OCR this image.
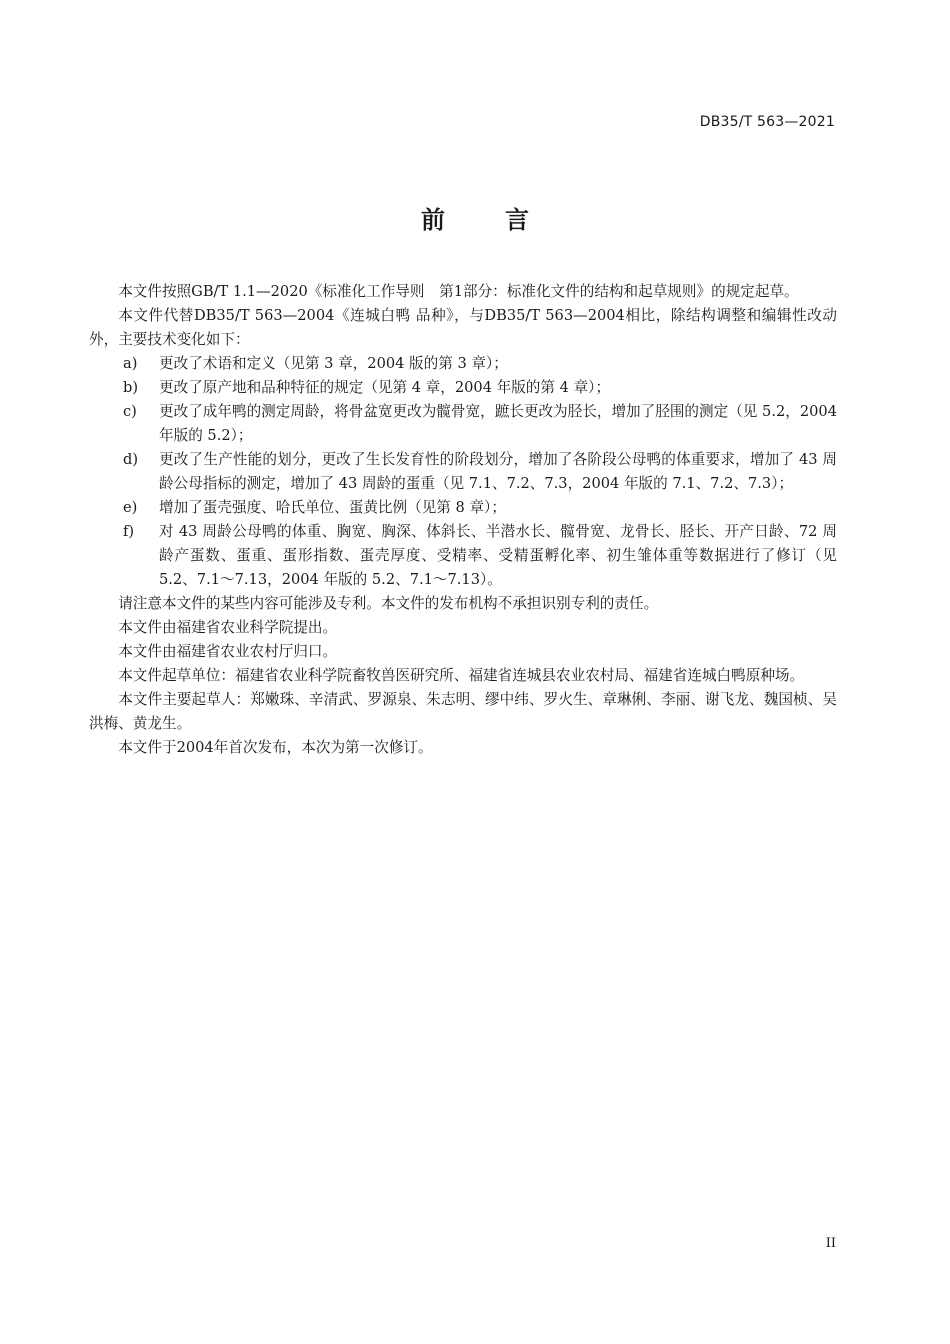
DB35/T 563—2021
前言

本文件按照GB/T 1.1—2020《标准化工作导则　第1部分：标准化文件的结构和起草规则》的规定起草。

本文件代替DB35/T 563—2004《连城白鸭 品种》，与DB35/T 563—2004相比，除结构调整和编辑性改动外，主要技术变化如下：

a) 更改了术语和定义（见第 3 章，2004 版的第 3 章）；
b) 更改了原产地和品种特征的规定（见第 4 章，2004 年版的第 4 章）；
c) 更改了成年鸭的测定周龄，将骨盆宽更改为髋骨宽，蹠长更改为胫长，增加了胫围的测定（见 5.2，2004 年版的 5.2）；
d) 更改了生产性能的划分，更改了生长发育性的阶段划分，增加了各阶段公母鸭的体重要求，增加了 43 周龄公母指标的测定，增加了 43 周龄的蛋重（见 7.1、7.2、7.3，2004 年版的 7.1、7.2、7.3）；
e) 增加了蛋壳强度、哈氏单位、蛋黄比例（见第 8 章）；
f) 对 43 周龄公母鸭的体重、胸宽、胸深、体斜长、半潜水长、髋骨宽、龙骨长、胫长、开产日龄、72 周龄产蛋数、蛋重、蛋形指数、蛋壳厚度、受精率、受精蛋孵化率、初生雏体重等数据进行了修订（见 5.2、7.1～7.13，2004 年版的 5.2、7.1～7.13）。

请注意本文件的某些内容可能涉及专利。本文件的发布机构不承担识别专利的责任。

本文件由福建省农业科学院提出。

本文件由福建省农业农村厅归口。

本文件起草单位：福建省农业科学院畜牧兽医研究所、福建省连城县农业农村局、福建省连城白鸭原种场。

本文件主要起草人：郑嫩珠、辛清武、罗源泉、朱志明、缪中纬、罗火生、章琳俐、李丽、谢飞龙、魏国桢、吴洪梅、黄龙生。

本文件于2004年首次发布，本次为第一次修订。

II
